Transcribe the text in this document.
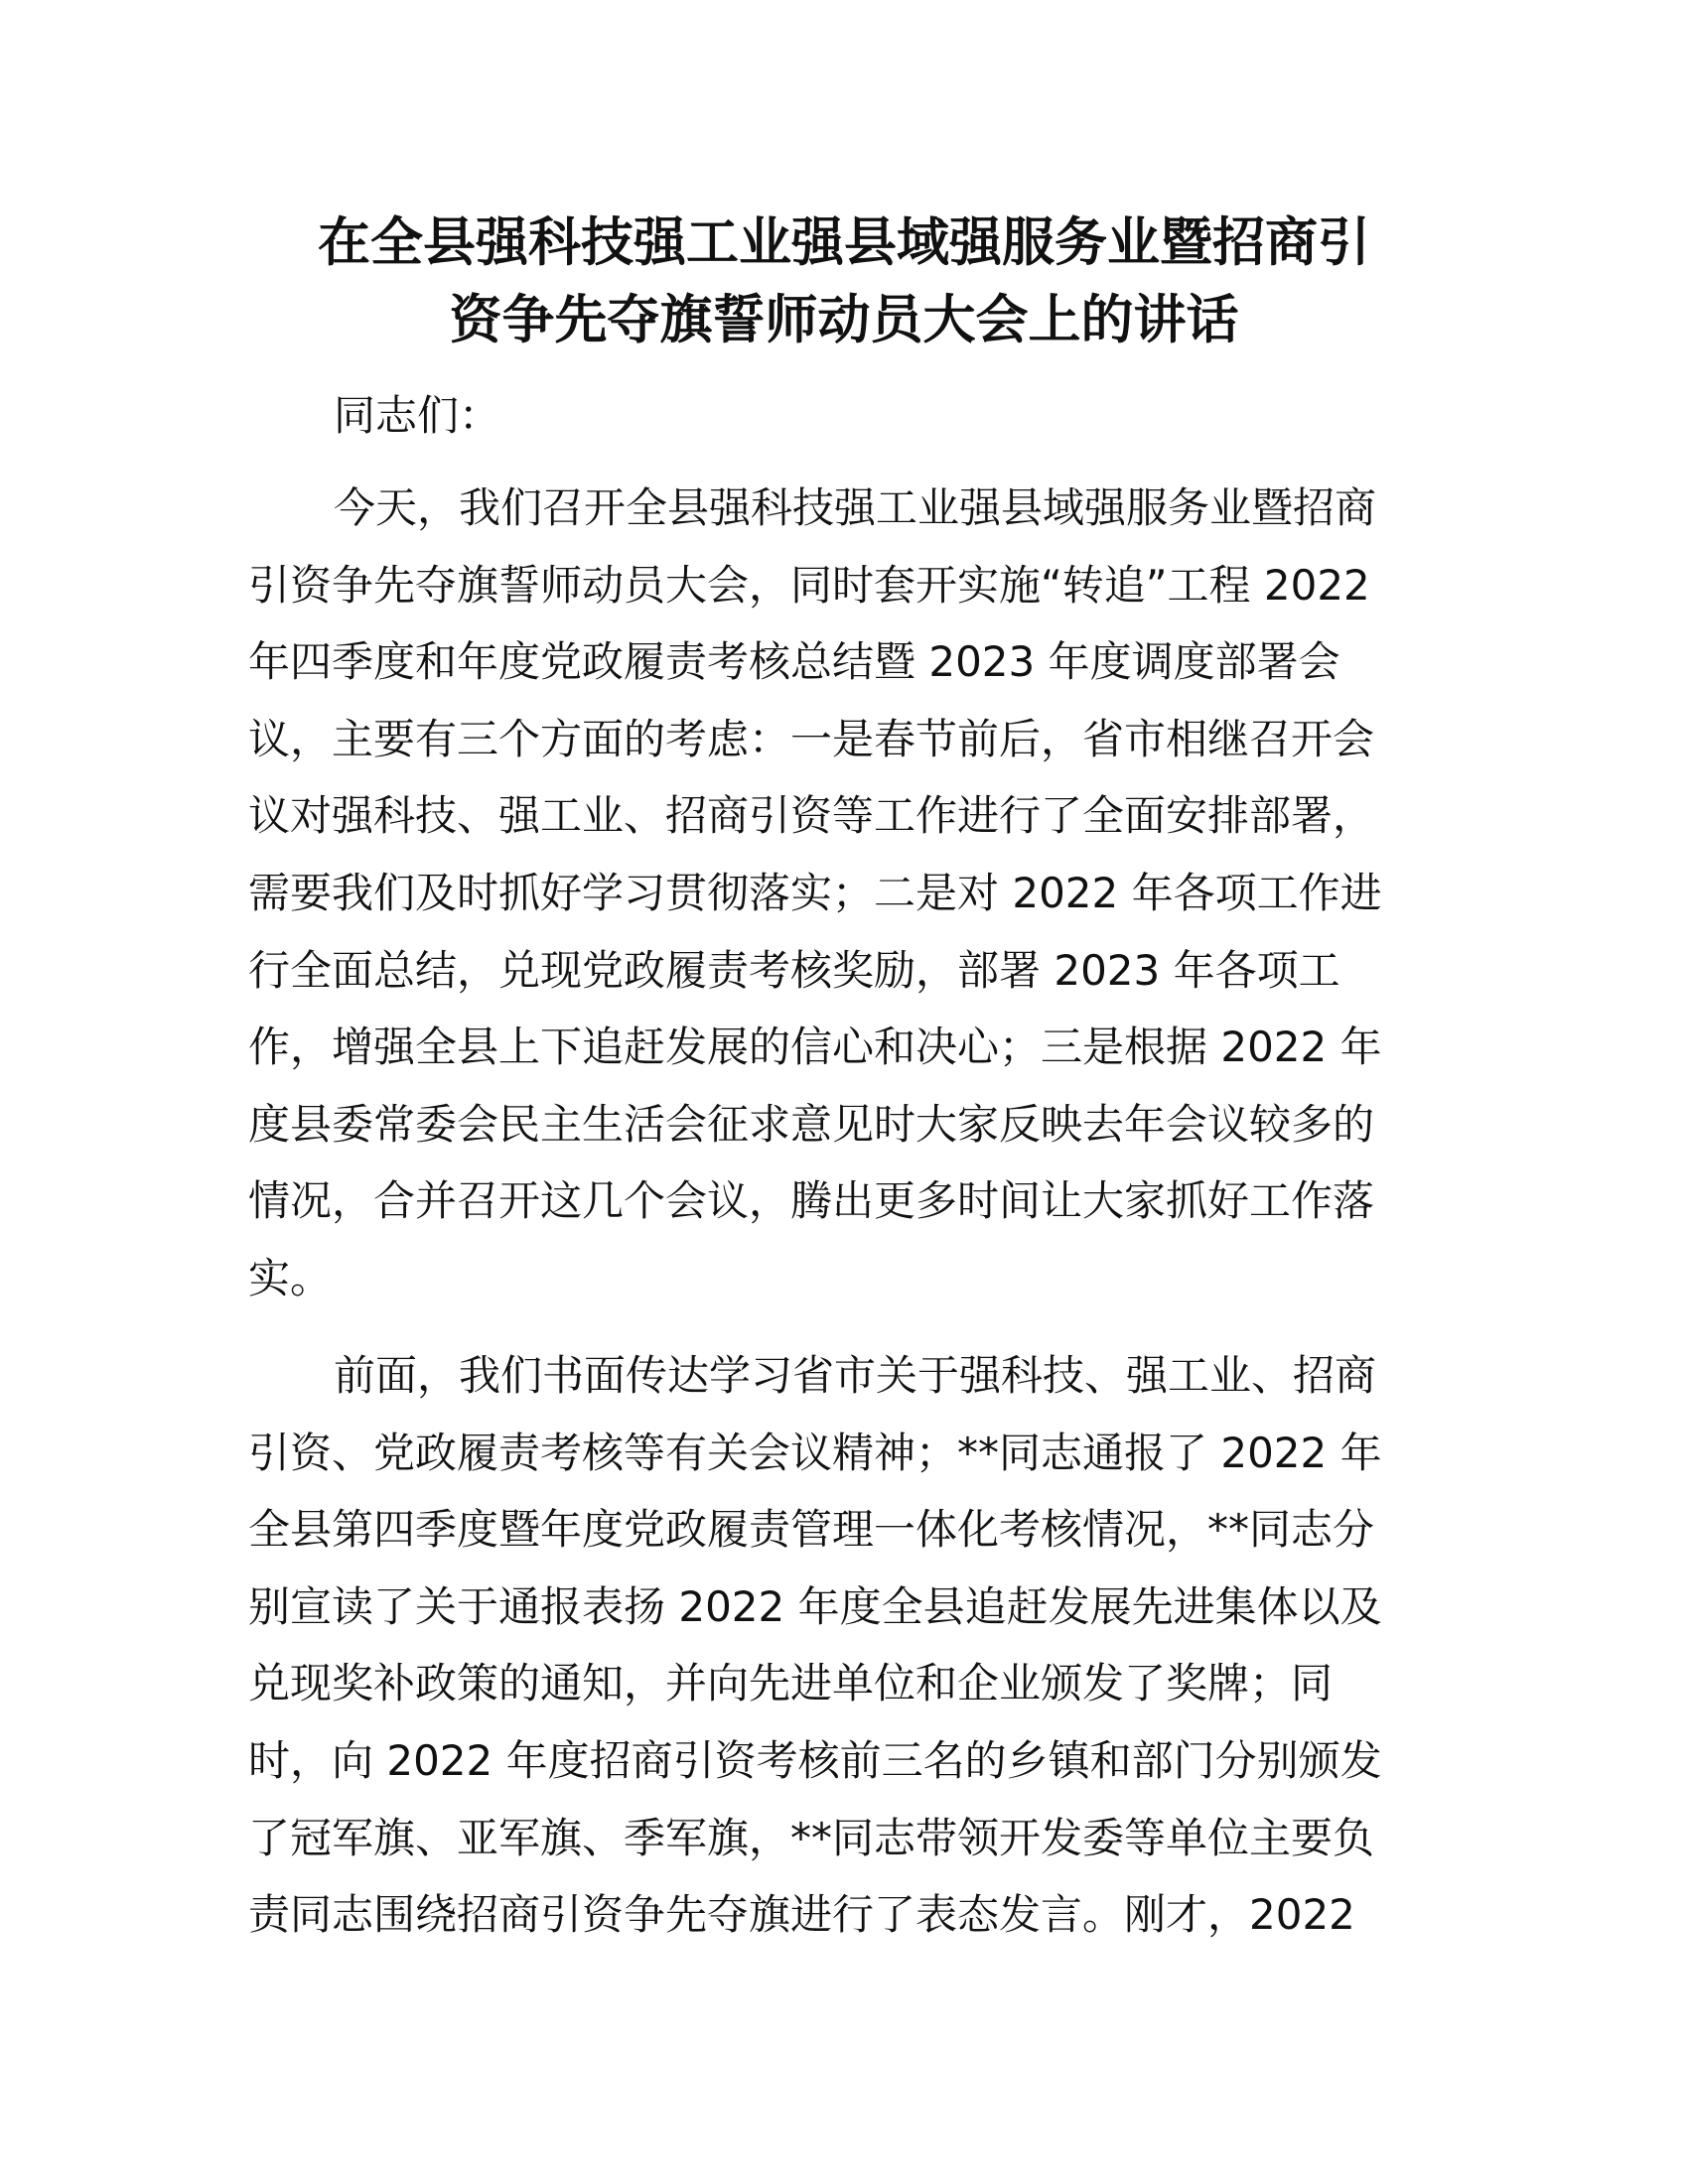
在全县强科技强工业强县域强服务业暨招商引
资争先夺旗誓师动员大会上的讲话
同志们：
今天，我们召开全县强科技强工业强县域强服务业暨招商
引资争先夺旗誓师动员大会，同时套开实施“转追”工程 2022
年四季度和年度党政履责考核总结暨 2023 年度调度部署会
议，主要有三个方面的考虑：一是春节前后，省市相继召开会
议对强科技、强工业、招商引资等工作进行了全面安排部署，
需要我们及时抓好学习贯彻落实；二是对 2022 年各项工作进
行全面总结，兑现党政履责考核奖励，部署 2023 年各项工
作，增强全县上下追赶发展的信心和决心；三是根据 2022 年
度县委常委会民主生活会征求意见时大家反映去年会议较多的
情况，合并召开这几个会议，腾出更多时间让大家抓好工作落
实。
前面，我们书面传达学习省市关于强科技、强工业、招商
引资、党政履责考核等有关会议精神；**同志通报了 2022 年
全县第四季度暨年度党政履责管理一体化考核情况，**同志分
别宣读了关于通报表扬 2022 年度全县追赶发展先进集体以及
兑现奖补政策的通知，并向先进单位和企业颁发了奖牌；同
时，向 2022 年度招商引资考核前三名的乡镇和部门分别颁发
了冠军旗、亚军旗、季军旗，**同志带领开发委等单位主要负
责同志围绕招商引资争先夺旗进行了表态发言。刚才，2022
